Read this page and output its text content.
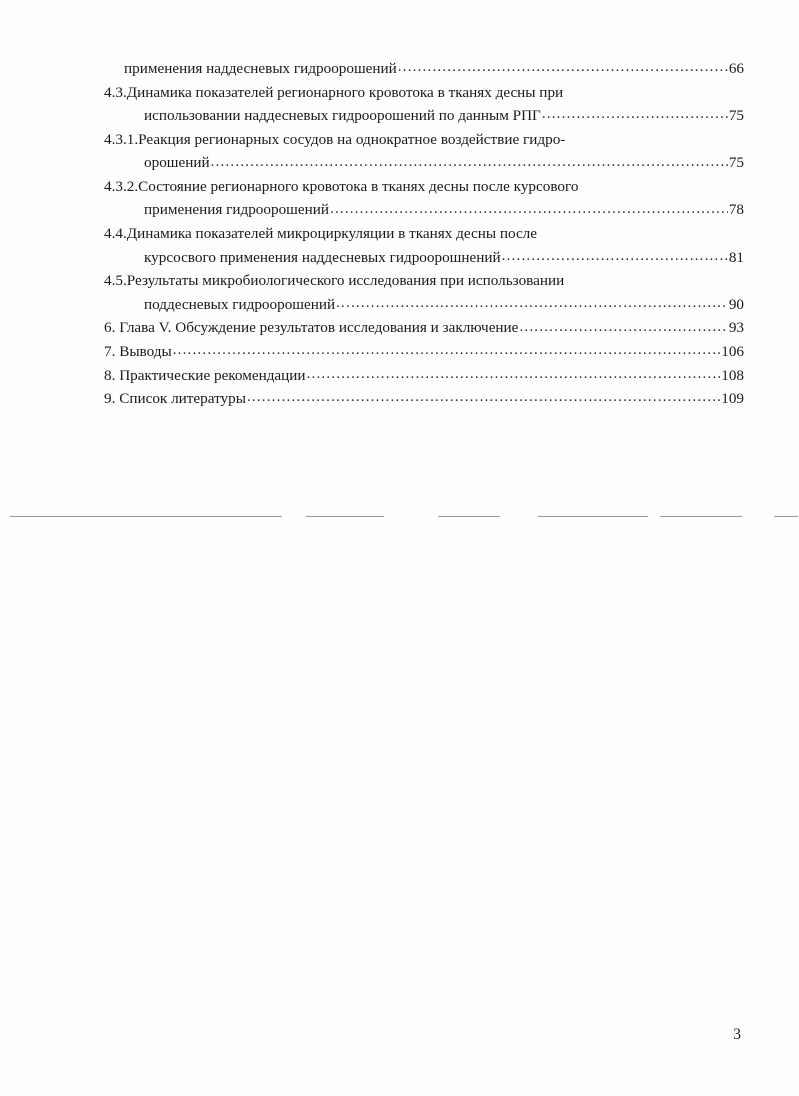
применения наддесневых гидроорошений .....	66
4.3.Динамика показателей регионарного кровотока в тканях десны при
использовании наддесневых гидроорошений по данным РПГ .....	75
4.3.1.Реакция регионарных сосудов на однократное воздействие гидро-
орошений .....	75
4.3.2.Состояние регионарного кровотока в тканях десны после курсового
применения гидроорошений .....	78
4.4.Динамика показателей микроциркуляции в тканях десны после
курсосвого применения наддесневых гидроорошнений .....	81
4.5.Результаты микробиологического исследования при использовании
поддесневых гидроорошений .....	90
6. Глава V. Обсуждение результатов исследования и заключение .....	93
7. Выводы .....	106
8. Практические рекомендации .....	108
9. Список литературы .....	109
3
